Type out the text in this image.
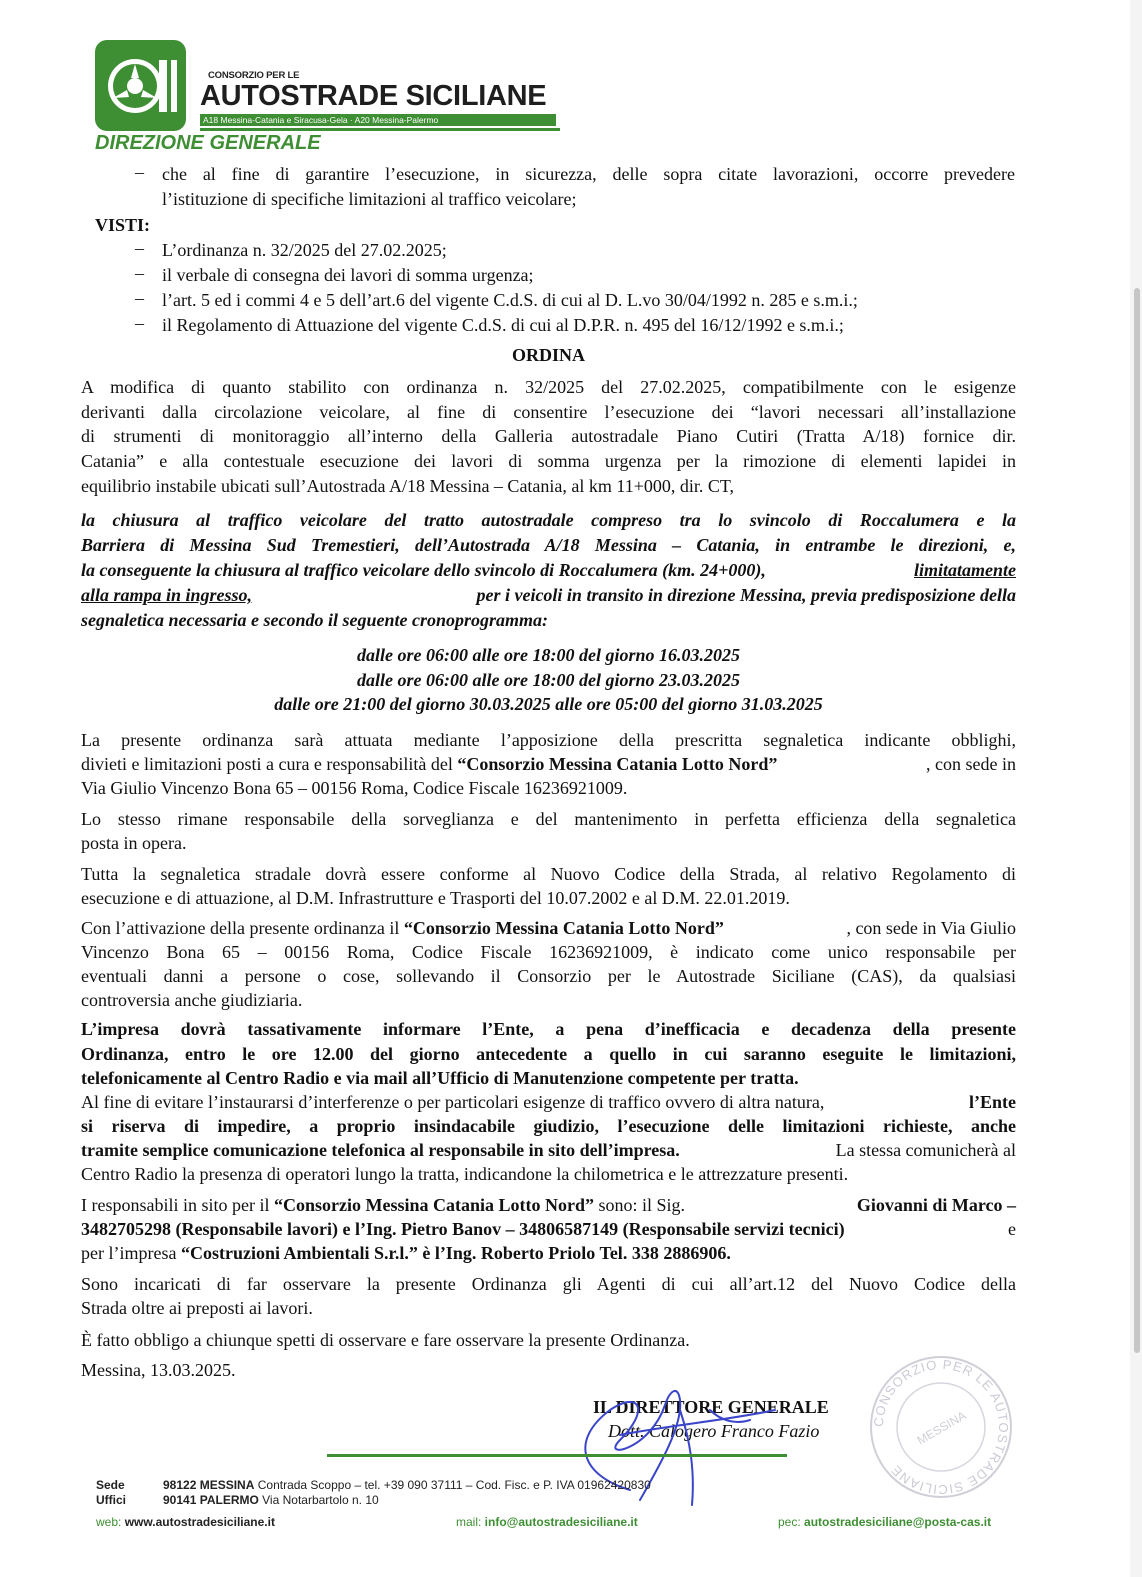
CONSORZIO PER LE
AUTOSTRADE SICILIANE
A18 Messina-Catania e Siracusa-Gela · A20 Messina-Palermo
DIREZIONE GENERALE
– che al fine di garantire l’esecuzione, in sicurezza, delle sopra citate lavorazioni, occorre prevedere
l’istituzione di specifiche limitazioni al traffico veicolare;
VISTI:
– L’ordinanza n. 32/2025 del 27.02.2025;
– il verbale di consegna dei lavori di somma urgenza;
– l’art. 5 ed i commi 4 e 5 dell’art.6 del vigente C.d.S. di cui al D. L.vo 30/04/1992 n. 285 e s.m.i.;
– il Regolamento di Attuazione del vigente C.d.S. di cui al D.P.R. n. 495 del 16/12/1992 e s.m.i.;
ORDINA
A modifica di quanto stabilito con ordinanza n. 32/2025 del 27.02.2025, compatibilmente con le esigenze
derivanti dalla circolazione veicolare, al fine di consentire l’esecuzione dei “lavori necessari all’installazione
di strumenti di monitoraggio all’interno della Galleria autostradale Piano Cutiri (Tratta A/18) fornice dir.
Catania” e alla contestuale esecuzione dei lavori di somma urgenza per la rimozione di elementi lapidei in
equilibrio instabile ubicati sull’Autostrada A/18 Messina – Catania, al km 11+000, dir. CT,
la chiusura al traffico veicolare del tratto autostradale compreso tra lo svincolo di Roccalumera e la
Barriera di Messina Sud Tremestieri, dell’Autostrada A/18 Messina – Catania, in entrambe le direzioni, e,
la conseguente la chiusura al traffico veicolare dello svincolo di Roccalumera (km. 24+000),	limitatamente
alla rampa in ingresso,	per i veicoli in transito in direzione Messina, previa predisposizione della
segnaletica necessaria e secondo il seguente cronoprogramma:
dalle ore 06:00 alle ore 18:00 del giorno 16.03.2025
dalle ore 06:00 alle ore 18:00 del giorno 23.03.2025
dalle ore 21:00 del giorno 30.03.2025 alle ore 05:00 del giorno 31.03.2025
La presente ordinanza sarà attuata mediante l’apposizione della prescritta segnaletica indicante obblighi,
divieti e limitazioni posti a cura e responsabilità del “Consorzio Messina Catania Lotto Nord”	, con sede in
Via Giulio Vincenzo Bona 65 – 00156 Roma, Codice Fiscale 16236921009.
Lo stesso rimane responsabile della sorveglianza e del mantenimento in perfetta efficienza della segnaletica
posta in opera.
Tutta la segnaletica stradale dovrà essere conforme al Nuovo Codice della Strada, al relativo Regolamento di
esecuzione e di attuazione, al D.M. Infrastrutture e Trasporti del 10.07.2002 e al D.M. 22.01.2019.
Con l’attivazione della presente ordinanza il “Consorzio Messina Catania Lotto Nord”	, con sede in Via Giulio
Vincenzo Bona 65 – 00156 Roma, Codice Fiscale 16236921009, è indicato come unico responsabile per
eventuali danni a persone o cose, sollevando il Consorzio per le Autostrade Siciliane (CAS), da qualsiasi
controversia anche giudiziaria.
L’impresa dovrà tassativamente informare l’Ente, a pena d’inefficacia e decadenza della presente
Ordinanza, entro le ore 12.00 del giorno antecedente a quello in cui saranno eseguite le limitazioni,
telefonicamente al Centro Radio e via mail all’Ufficio di Manutenzione competente per tratta.
Al fine di evitare l’instaurarsi d’interferenze o per particolari esigenze di traffico ovvero di altra natura,	l’Ente
si riserva di impedire, a proprio insindacabile giudizio, l’esecuzione delle limitazioni richieste, anche
tramite semplice comunicazione telefonica al responsabile in sito dell’impresa.	La stessa comunicherà al
Centro Radio la presenza di operatori lungo la tratta, indicandone la chilometrica e le attrezzature presenti.
I responsabili in sito per il “Consorzio Messina Catania Lotto Nord” sono: il Sig.	Giovanni di Marco –
3482705298 (Responsabile lavori) e l’Ing. Pietro Banov – 34806587149 (Responsabile servizi tecnici)	e
per l’impresa “Costruzioni Ambientali S.r.l.” è l’Ing. Roberto Priolo Tel. 338 2886906.
Sono incaricati di far osservare la presente Ordinanza gli Agenti di cui all’art.12 del Nuovo Codice della
Strada oltre ai preposti ai lavori.
È fatto obbligo a chiunque spetti di osservare e fare osservare la presente Ordinanza.
Messina, 13.03.2025.
CONSORZIO PER LE AUTOSTRADE SICILIANE
MESSINA
IL DIRETTORE GENERALE
Dott. Calogero Franco Fazio
Sede
Uffici
98122 MESSINA Contrada Scoppo – tel. +39 090 37111 – Cod. Fisc. e P. IVA 01962420830
90141 PALERMO Via Notarbartolo n. 10
web: www.autostradesiciliane.it	mail: info@autostradesiciliane.it	pec: autostradesiciliane@posta-cas.it
